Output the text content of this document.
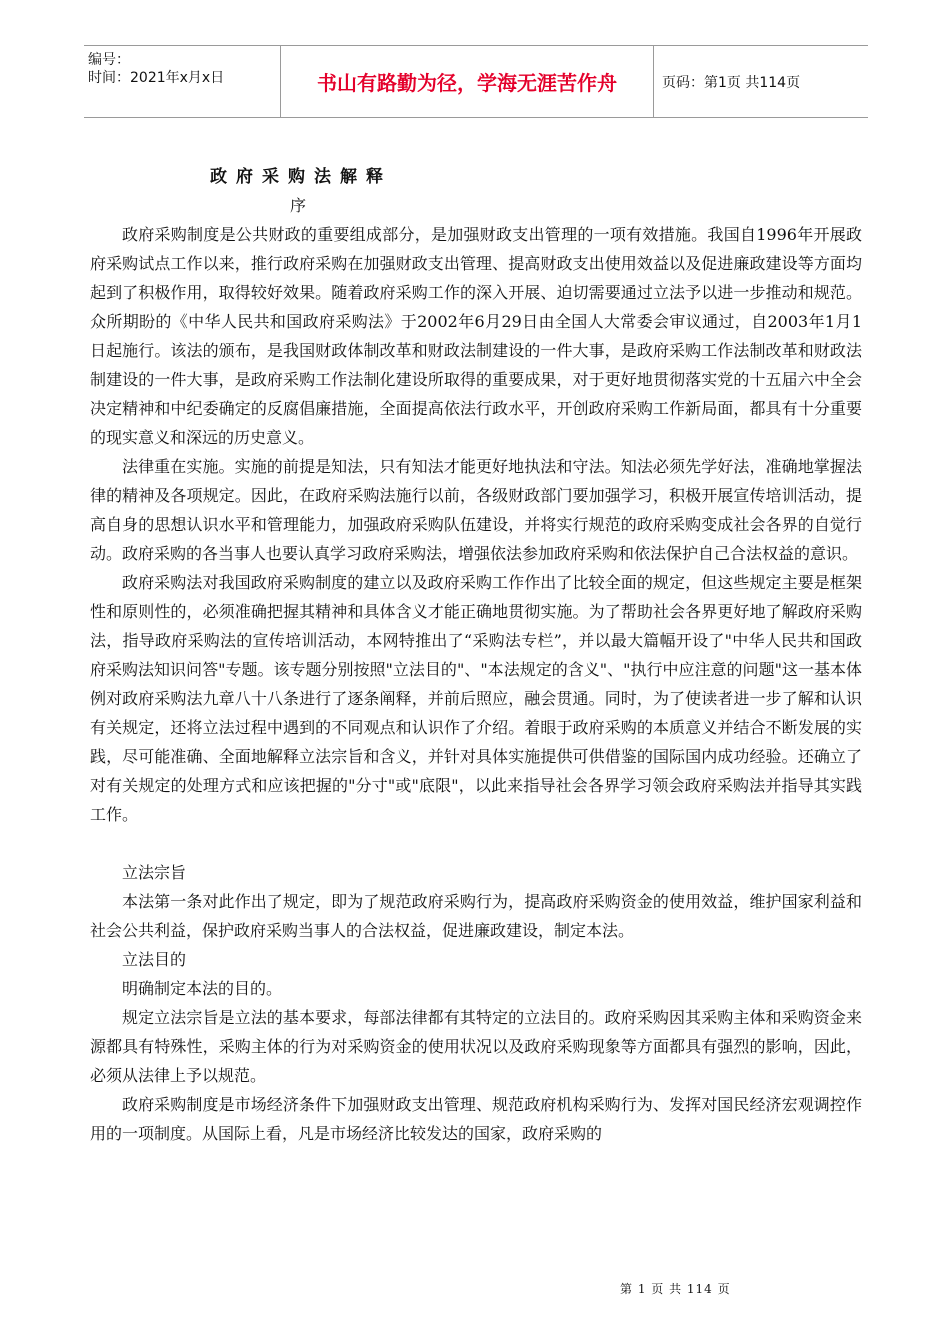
编号：
时间：2021年x月x日	书山有路勤为径，学海无涯苦作舟	页码：第1页 共114页
政府采购法解释
序

政府采购制度是公共财政的重要组成部分，是加强财政支出管理的一项有效措施。我国自1996年开展政府采购试点工作以来，推行政府采购在加强财政支出管理、提高财政支出使用效益以及促进廉政建设等方面均起到了积极作用，取得较好效果。随着政府采购工作的深入开展、迫切需要通过立法予以进一步推动和规范。众所期盼的《中华人民共和国政府采购法》于2002年6月29日由全国人大常委会审议通过，自2003年1月1日起施行。该法的颁布，是我国财政体制改革和财政法制建设的一件大事，是政府采购工作法制改革和财政法制建设的一件大事，是政府采购工作法制化建设所取得的重要成果，对于更好地贯彻落实党的十五届六中全会决定精神和中纪委确定的反腐倡廉措施，全面提高依法行政水平，开创政府采购工作新局面，都具有十分重要的现实意义和深远的历史意义。

法律重在实施。实施的前提是知法，只有知法才能更好地执法和守法。知法必须先学好法，准确地掌握法律的精神及各项规定。因此，在政府采购法施行以前，各级财政部门要加强学习，积极开展宣传培训活动，提高自身的思想认识水平和管理能力，加强政府采购队伍建设，并将实行规范的政府采购变成社会各界的自觉行动。政府采购的各当事人也要认真学习政府采购法，增强依法参加政府采购和依法保护自己合法权益的意识。

政府采购法对我国政府采购制度的建立以及政府采购工作作出了比较全面的规定，但这些规定主要是框架性和原则性的，必须准确把握其精神和具体含义才能正确地贯彻实施。为了帮助社会各界更好地了解政府采购法，指导政府采购法的宣传培训活动，本网特推出了“采购法专栏”，并以最大篇幅开设了"中华人民共和国政府采购法知识问答"专题。该专题分别按照"立法目的"、"本法规定的含义"、"执行中应注意的问题"这一基本体例对政府采购法九章八十八条进行了逐条阐释，并前后照应，融会贯通。同时，为了使读者进一步了解和认识有关规定，还将立法过程中遇到的不同观点和认识作了介绍。着眼于政府采购的本质意义并结合不断发展的实践，尽可能准确、全面地解释立法宗旨和含义，并针对具体实施提供可供借鉴的国际国内成功经验。还确立了对有关规定的处理方式和应该把握的"分寸"或"底限"，以此来指导社会各界学习领会政府采购法并指导其实践工作。

立法宗旨

本法第一条对此作出了规定，即为了规范政府采购行为，提高政府采购资金的使用效益，维护国家利益和社会公共利益，保护政府采购当事人的合法权益，促进廉政建设，制定本法。

立法目的

明确制定本法的目的。

规定立法宗旨是立法的基本要求，每部法律都有其特定的立法目的。政府采购因其采购主体和采购资金来源都具有特殊性，采购主体的行为对采购资金的使用状况以及政府采购现象等方面都具有强烈的影响，因此，必须从法律上予以规范。

政府采购制度是市场经济条件下加强财政支出管理、规范政府机构采购行为、发挥对国民经济宏观调控作用的一项制度。从国际上看，凡是市场经济比较发达的国家，政府采购的

第 1 页 共 114 页
